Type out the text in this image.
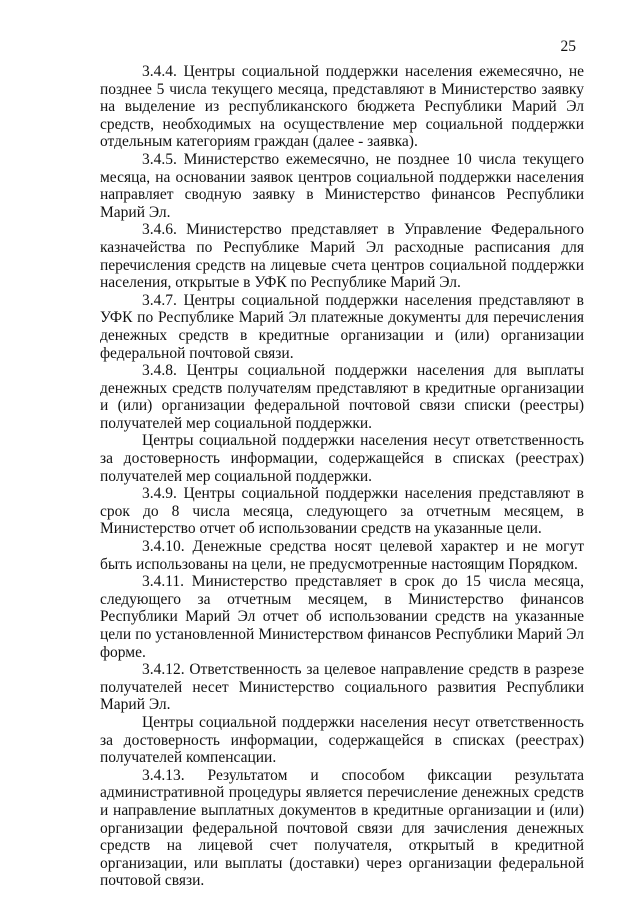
25

3.4.4. Центры социальной поддержки населения ежемесячно, не позднее 5 числа текущего месяца, представляют в Министерство заявку на выделение из республиканского бюджета Республики Марий Эл средств, необходимых на осуществление мер социальной поддержки отдельным категориям граждан (далее - заявка).

3.4.5. Министерство ежемесячно, не позднее 10 числа текущего месяца, на основании заявок центров социальной поддержки населения направляет сводную заявку в Министерство финансов Республики Марий Эл.

3.4.6. Министерство представляет в Управление Федерального казначейства по Республике Марий Эл расходные расписания для перечисления средств на лицевые счета центров социальной поддержки населения, открытые в УФК по Республике Марий Эл.

3.4.7. Центры социальной поддержки населения представляют в УФК по Республике Марий Эл платежные документы для перечисления денежных средств в кредитные организации и (или) организации федеральной почтовой связи.

3.4.8. Центры социальной поддержки населения для выплаты денежных средств получателям представляют в кредитные организации и (или) организации федеральной почтовой связи списки (реестры) получателей мер социальной поддержки.

Центры социальной поддержки населения несут ответственность за достоверность информации, содержащейся в списках (реестрах) получателей мер социальной поддержки.

3.4.9. Центры социальной поддержки населения представляют в срок до 8 числа месяца, следующего за отчетным месяцем, в Министерство отчет об использовании средств на указанные цели.

3.4.10. Денежные средства носят целевой характер и не могут быть использованы на цели, не предусмотренные настоящим Порядком.

3.4.11. Министерство представляет в срок до 15 числа месяца, следующего за отчетным месяцем, в Министерство финансов Республики Марий Эл отчет об использовании средств на указанные цели по установленной Министерством финансов Республики Марий Эл форме.

3.4.12. Ответственность за целевое направление средств в разрезе получателей несет Министерство социального развития Республики Марий Эл.

Центры социальной поддержки населения несут ответственность за достоверность информации, содержащейся в списках (реестрах) получателей компенсации.

3.4.13. Результатом и способом фиксации результата административной процедуры является перечисление денежных средств и направление выплатных документов в кредитные организации и (или) организации федеральной почтовой связи для зачисления денежных средств на лицевой счет получателя, открытый в кредитной организации, или выплаты (доставки) через организации федеральной почтовой связи.
